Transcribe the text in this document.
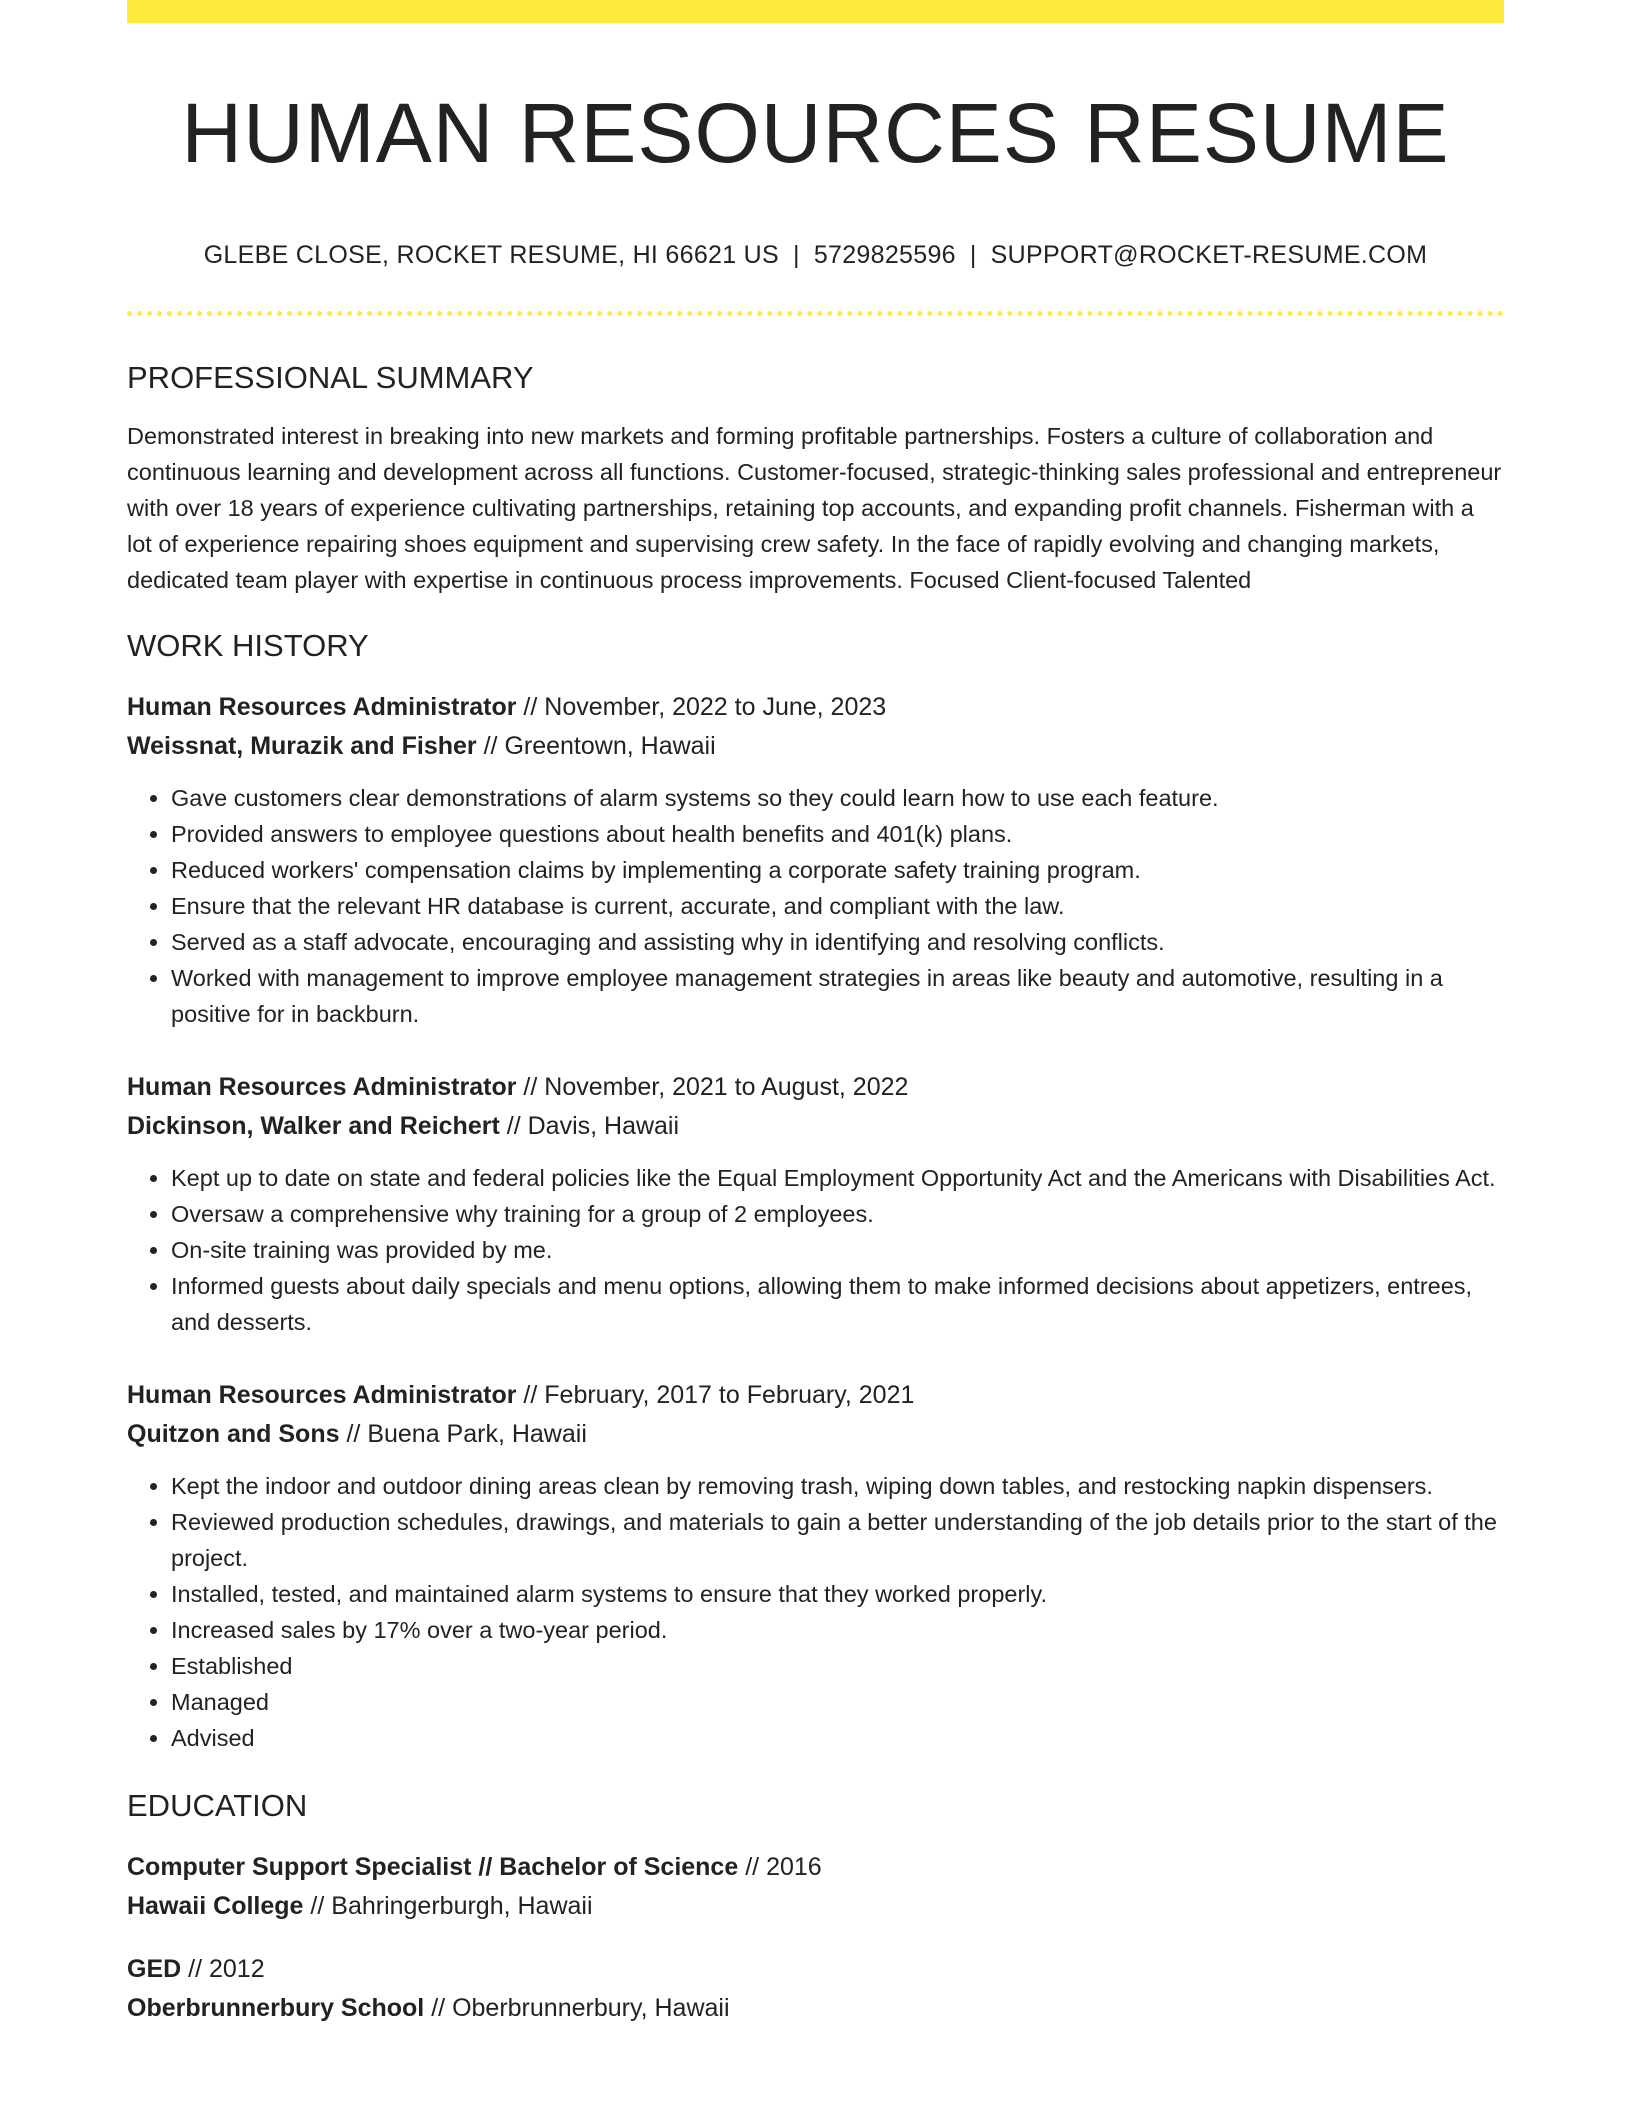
HUMAN RESOURCES RESUME
GLEBE CLOSE, ROCKET RESUME, HI 66621 US | 5729825596 | SUPPORT@ROCKET-RESUME.COM
PROFESSIONAL SUMMARY

Demonstrated interest in breaking into new markets and forming profitable partnerships. Fosters a culture of collaboration and continuous learning and development across all functions. Customer-focused, strategic-thinking sales professional and entrepreneur with over 18 years of experience cultivating partnerships, retaining top accounts, and expanding profit channels. Fisherman with a lot of experience repairing shoes equipment and supervising crew safety. In the face of rapidly evolving and changing markets, dedicated team player with expertise in continuous process improvements. Focused Client-focused Talented

WORK HISTORY
Human Resources Administrator // November, 2022 to June, 2023
Weissnat, Murazik and Fisher // Greentown, Hawaii
• Gave customers clear demonstrations of alarm systems so they could learn how to use each feature.
• Provided answers to employee questions about health benefits and 401(k) plans.
• Reduced workers' compensation claims by implementing a corporate safety training program.
• Ensure that the relevant HR database is current, accurate, and compliant with the law.
• Served as a staff advocate, encouraging and assisting why in identifying and resolving conflicts.
• Worked with management to improve employee management strategies in areas like beauty and automotive, resulting in a positive for in backburn.
Human Resources Administrator // November, 2021 to August, 2022
Dickinson, Walker and Reichert // Davis, Hawaii
• Kept up to date on state and federal policies like the Equal Employment Opportunity Act and the Americans with Disabilities Act.
• Oversaw a comprehensive why training for a group of 2 employees.
• On-site training was provided by me.
• Informed guests about daily specials and menu options, allowing them to make informed decisions about appetizers, entrees, and desserts.
Human Resources Administrator // February, 2017 to February, 2021
Quitzon and Sons // Buena Park, Hawaii
• Kept the indoor and outdoor dining areas clean by removing trash, wiping down tables, and restocking napkin dispensers.
• Reviewed production schedules, drawings, and materials to gain a better understanding of the job details prior to the start of the project.
• Installed, tested, and maintained alarm systems to ensure that they worked properly.
• Increased sales by 17% over a two-year period.
• Established
• Managed
• Advised
EDUCATION
Computer Support Specialist // Bachelor of Science // 2016
Hawaii College // Bahringerburgh, Hawaii
GED // 2012
Oberbrunnerbury School // Oberbrunnerbury, Hawaii
